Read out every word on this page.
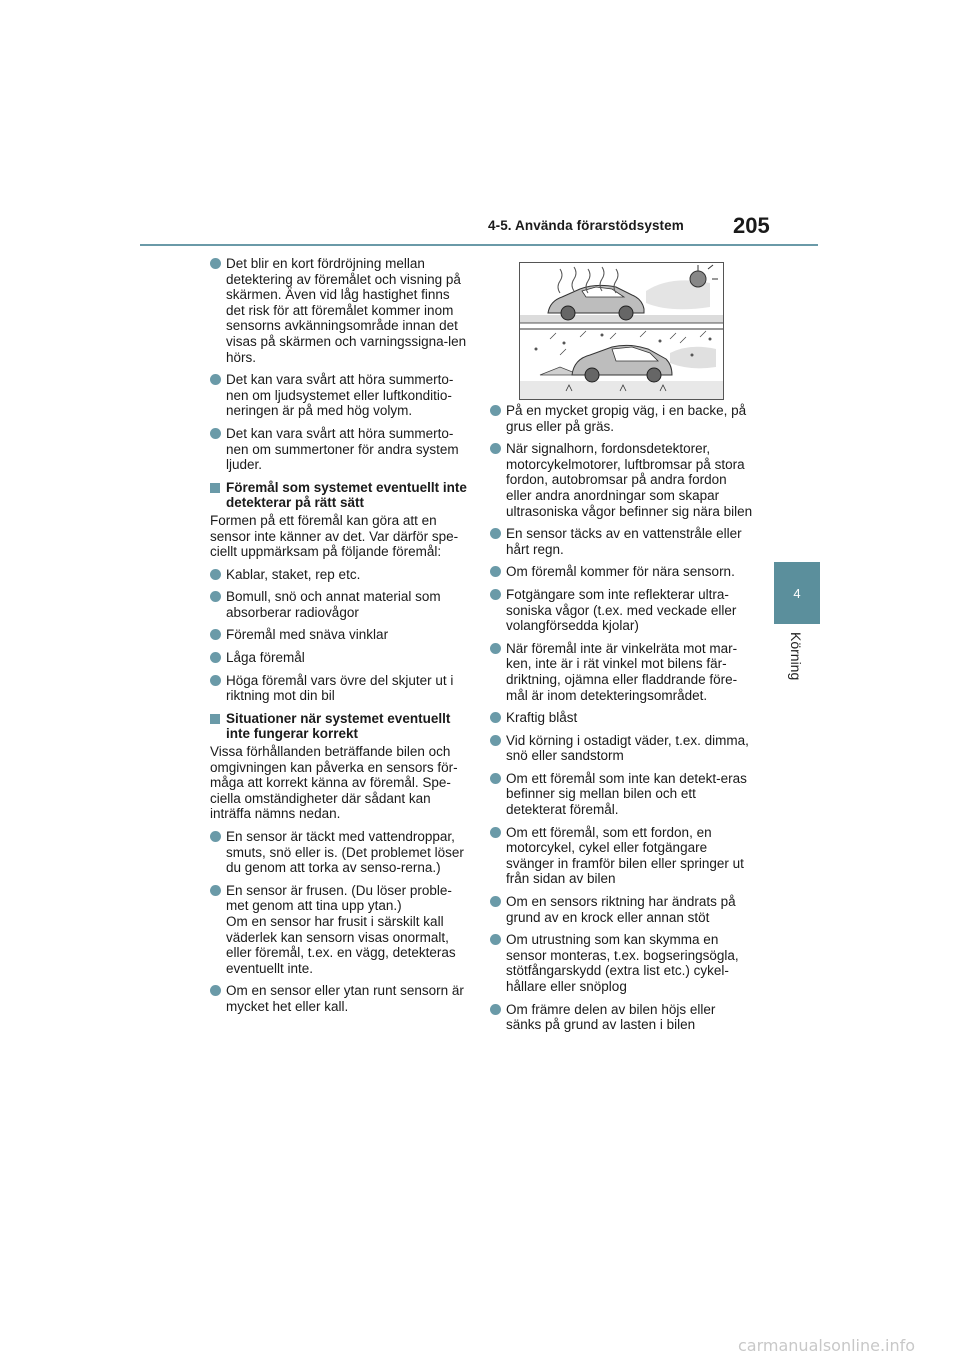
4-5. Använda förarstödsystem 205
4
Körning
Det blir en kort fördröjning mellan detektering av föremålet och visning på skärmen. Även vid låg hastighet finns det risk för att föremålet kommer inom sensorns avkänningsområde innan det visas på skärmen och varningssigna-len hörs.
Det kan vara svårt att höra summerto-nen om ljudsystemet eller luftkonditio-neringen är på med hög volym.
Det kan vara svårt att höra summerto-nen om summertoner för andra system ljuder.
Föremål som systemet eventuellt inte detekterar på rätt sätt
Formen på ett föremål kan göra att en sensor inte känner av det. Var därför spe-ciellt uppmärksam på följande föremål:
Kablar, staket, rep etc.
Bomull, snö och annat material som absorberar radiovågor
Föremål med snäva vinklar
Låga föremål
Höga föremål vars övre del skjuter ut i riktning mot din bil
Situationer när systemet eventuellt inte fungerar korrekt
Vissa förhållanden beträffande bilen och omgivningen kan påverka en sensors för-måga att korrekt känna av föremål. Spe-ciella omständigheter där sådant kan inträffa nämns nedan.
En sensor är täckt med vattendroppar, smuts, snö eller is. (Det problemet löser du genom att torka av senso-rerna.)
En sensor är frusen. (Du löser proble-met genom att tina upp ytan.)
Om en sensor har frusit i särskilt kall väderlek kan sensorn visas onormalt, eller föremål, t.ex. en vägg, detekteras eventuellt inte.
Om en sensor eller ytan runt sensorn är mycket het eller kall.
På en mycket gropig väg, i en backe, på grus eller på gräs.
När signalhorn, fordonsdetektorer, motorcykelmotorer, luftbromsar på stora fordon, autobromsar på andra fordon eller andra anordningar som skapar ultrasoniska vågor befinner sig nära bilen
En sensor täcks av en vattenstråle eller hårt regn.
Om föremål kommer för nära sensorn.
Fotgängare som inte reflekterar ultra-soniska vågor (t.ex. med veckade eller volangförsedda kjolar)
När föremål inte är vinkelräta mot mar-ken, inte är i rät vinkel mot bilens fär-driktning, ojämna eller fladdrande före-mål är inom detekteringsområdet.
Kraftig blåst
Vid körning i ostadigt väder, t.ex. dimma, snö eller sandstorm
Om ett föremål som inte kan detekt-eras befinner sig mellan bilen och ett detekterat föremål.
Om ett föremål, som ett fordon, en motorcykel, cykel eller fotgängare svänger in framför bilen eller springer ut från sidan av bilen
Om en sensors riktning har ändrats på grund av en krock eller annan stöt
Om utrustning som kan skymma en sensor monteras, t.ex. bogseringsögla, stötfångarskydd (extra list etc.) cykel-hållare eller snöplog
Om främre delen av bilen höjs eller sänks på grund av lasten i bilen
carmanualsonline.info
